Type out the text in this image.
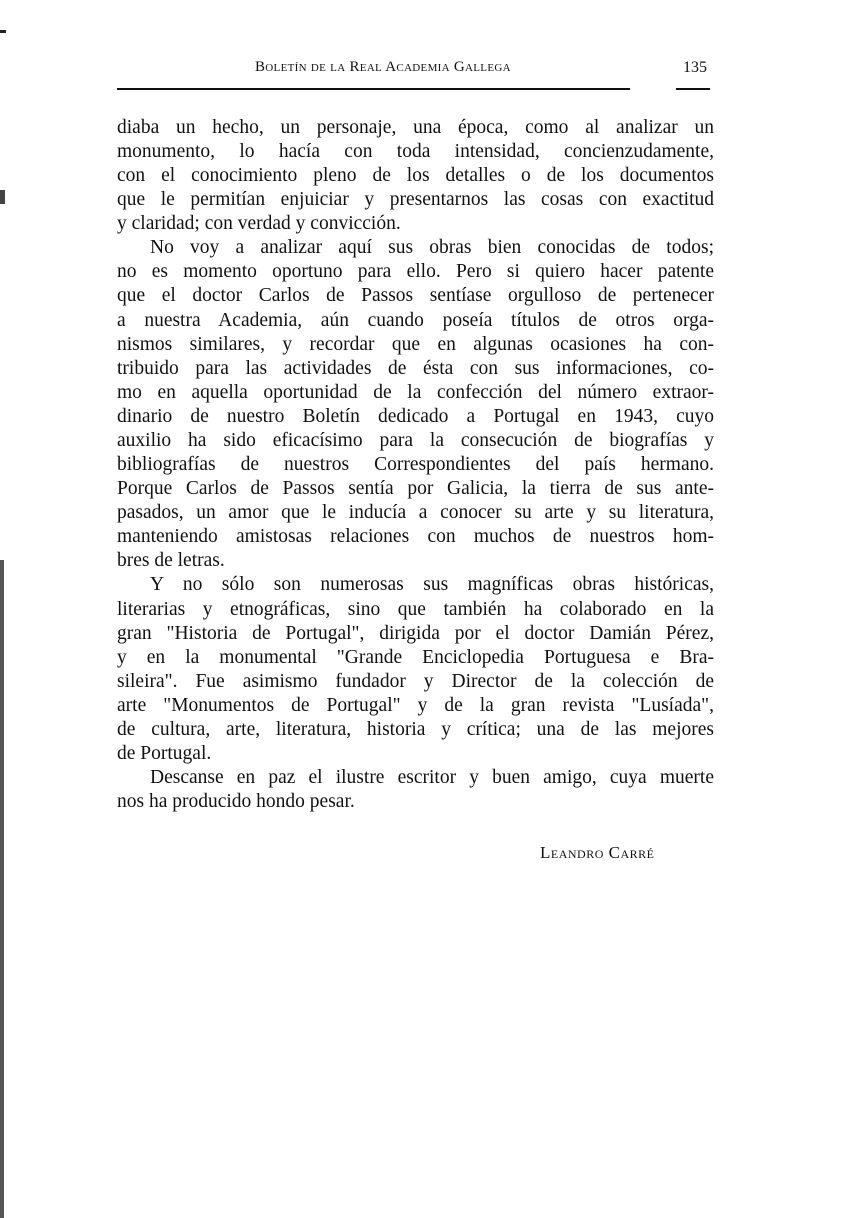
Boletín de la Real Academia Gallega	135
diaba un hecho, un personaje, una época, como al analizar un
monumento, lo hacía con toda intensidad, concienzudamente,
con el conocimiento pleno de los detalles o de los documentos
que le permitían enjuiciar y presentarnos las cosas con exactitud
y claridad; con verdad y convicción.
No voy a analizar aquí sus obras bien conocidas de todos;
no es momento oportuno para ello. Pero si quiero hacer patente
que el doctor Carlos de Passos sentíase orgulloso de pertenecer
a nuestra Academia, aún cuando poseía títulos de otros orga-
nismos similares, y recordar que en algunas ocasiones ha con-
tribuido para las actividades de ésta con sus informaciones, co-
mo en aquella oportunidad de la confección del número extraor-
dinario de nuestro Boletín dedicado a Portugal en 1943, cuyo
auxilio ha sido eficacísimo para la consecución de biografías y
bibliografías de nuestros Correspondientes del país hermano.
Porque Carlos de Passos sentía por Galicia, la tierra de sus ante-
pasados, un amor que le inducía a conocer su arte y su literatura,
manteniendo amistosas relaciones con muchos de nuestros hom-
bres de letras.
Y no sólo son numerosas sus magníficas obras históricas,
literarias y etnográficas, sino que también ha colaborado en la
gran "Historia de Portugal", dirigida por el doctor Damián Pérez,
y en la monumental "Grande Enciclopedia Portuguesa e Bra-
sileira". Fue asimismo fundador y Director de la colección de
arte "Monumentos de Portugal" y de la gran revista "Lusíada",
de cultura, arte, literatura, historia y crítica; una de las mejores
de Portugal.
Descanse en paz el ilustre escritor y buen amigo, cuya muerte
nos ha producido hondo pesar.
Leandro Carré
